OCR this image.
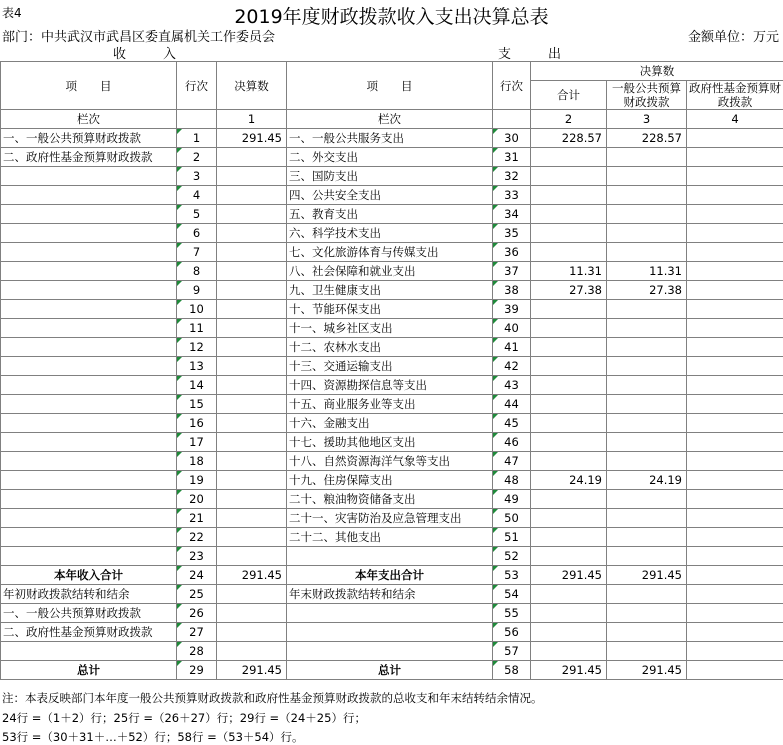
表4	2019年度财政拨款收入支出决算总表
部门：中共武汉市武昌区委直属机关工作委员会	金额单位：万元
收	入	支	出
项　　目	行次	决算数	项　　目	行次	决算数		
					合计	一般公共预算财政拨款	政府性基金预算财政拨款

栏次		1	栏次		2	3	4
一、一般公共预算财政拨款	1	291.45	一、一般公共服务支出	30	228.57	228.57	
二、政府性基金预算财政拨款	2		二、外交支出	31			
	3		三、国防支出	32			
	4		四、公共安全支出	33			
	5		五、教育支出	34			
	6		六、科学技术支出	35			
	7		七、文化旅游体育与传媒支出	36			
	8		八、社会保障和就业支出	37	11.31	11.31	
	9		九、卫生健康支出	38	27.38	27.38	
	10		十、节能环保支出	39			
	11		十一、城乡社区支出	40			
	12		十二、农林水支出	41			
	13		十三、交通运输支出	42			
	14		十四、资源勘探信息等支出	43			
	15		十五、商业服务业等支出	44			
	16		十六、金融支出	45			
	17		十七、援助其他地区支出	46			
	18		十八、自然资源海洋气象等支出	47			
	19		十九、住房保障支出	48	24.19	24.19	
	20		二十、粮油物资储备支出	49			
	21		二十一、灾害防治及应急管理支出	50			
	22		二十二、其他支出	51			
	23			52			
本年收入合计	24	291.45	本年支出合计	53	291.45	291.45	
年初财政拨款结转和结余	25		年末财政拨款结转和结余	54			
一、一般公共预算财政拨款	26			55			
二、政府性基金预算财政拨款	27			56			
	28			57			
总计	29	291.45	总计	58	291.45	291.45	
注：本表反映部门本年度一般公共预算财政拨款和政府性基金预算财政拨款的总收支和年末结转结余情况。
24行 =（1＋2）行；25行 =（26＋27）行；29行 =（24＋25）行；
53行 =（30＋31＋…＋52）行；58行 =（53＋54）行。
